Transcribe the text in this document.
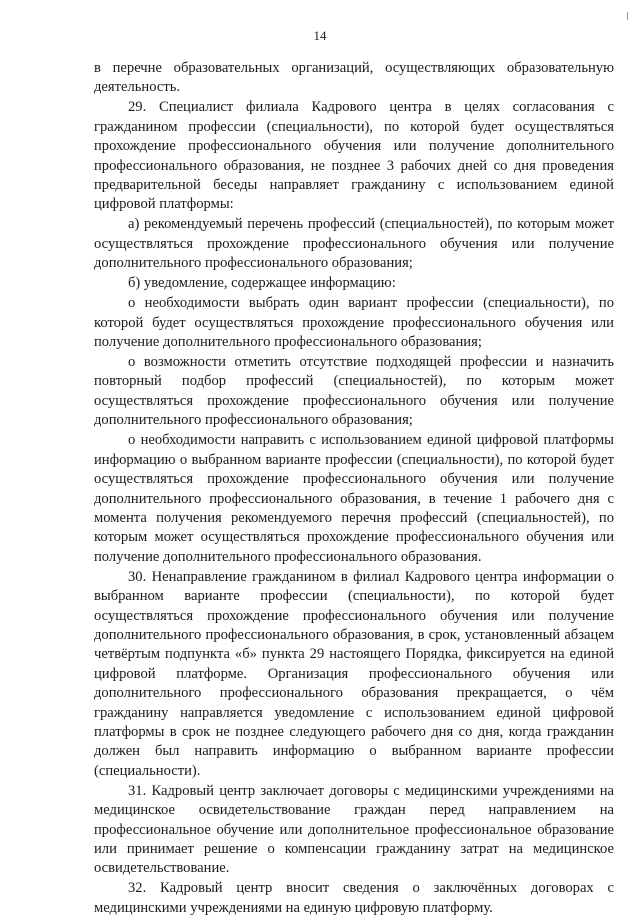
14

в перечне образовательных организаций, осуществляющих образовательную деятельность.

29. Специалист филиала Кадрового центра в целях согласования с гражданином профессии (специальности), по которой будет осуществляться прохождение профессионального обучения или получение дополнительного профессионального образования, не позднее 3 рабочих дней со дня проведения предварительной беседы направляет гражданину с использованием единой цифровой платформы:

а) рекомендуемый перечень профессий (специальностей), по которым может осуществляться прохождение профессионального обучения или получение дополнительного профессионального образования;

б) уведомление, содержащее информацию:

о необходимости выбрать один вариант профессии (специальности), по которой будет осуществляться прохождение профессионального обучения или получение дополнительного профессионального образования;

о возможности отметить отсутствие подходящей профессии и назначить повторный подбор профессий (специальностей), по которым может осуществляться прохождение профессионального обучения или получение дополнительного профессионального образования;

о необходимости направить с использованием единой цифровой платформы информацию о выбранном варианте профессии (специальности), по которой будет осуществляться прохождение профессионального обучения или получение дополнительного профессионального образования, в течение 1 рабочего дня с момента получения рекомендуемого перечня профессий (специальностей), по которым может осуществляться прохождение профессионального обучения или получение дополнительного профессионального образования.

30. Ненаправление гражданином в филиал Кадрового центра информации о выбранном варианте профессии (специальности), по которой будет осуществляться прохождение профессионального обучения или получение дополнительного профессионального образования, в срок, установленный абзацем четвёртым подпункта «б» пункта 29 настоящего Порядка, фиксируется на единой цифровой платформе. Организация профессионального обучения или дополнительного профессионального образования прекращается, о чём гражданину направляется уведомление с использованием единой цифровой платформы в срок не позднее следующего рабочего дня со дня, когда гражданин должен был направить информацию о выбранном варианте профессии (специальности).

31. Кадровый центр заключает договоры с медицинскими учреждениями на медицинское освидетельствование граждан перед направлением на профессиональное обучение или дополнительное профессиональное образование или принимает решение о компенсации гражданину затрат на медицинское освидетельствование.

32. Кадровый центр вносит сведения о заключённых договорах с медицинскими учреждениями на единую цифровую платформу.
